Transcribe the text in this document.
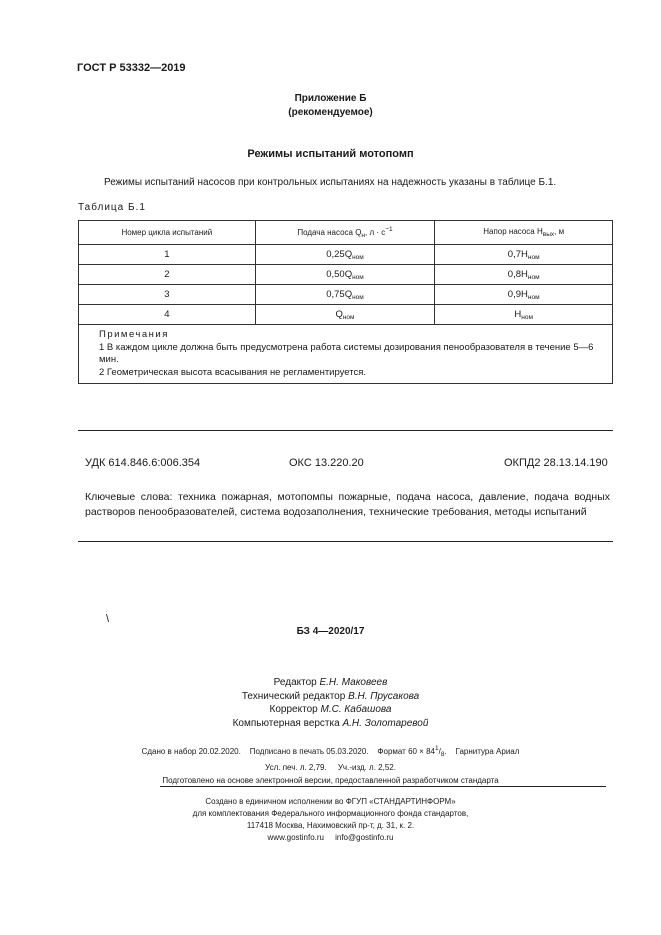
ГОСТ Р 53332—2019
Приложение Б
(рекомендуемое)
Режимы испытаний мотопомп
Режимы испытаний насосов при контрольных испытаниях на надежность указаны в таблице Б.1.
Таблица Б.1
Номер цикла испытаний	Подача насоса $Q_н$, $л \cdot с^{-1}$	Напор насоса $H_{вых}$, м
1	$0,25Q_{ном}$	$0,7H_{ном}$
2	$0,50Q_{ном}$	$0,8H_{ном}$
3	$0,75Q_{ном}$	$0,9H_{ном}$
4	$Q_{ном}$	$H_{ном}$

Примечания
1 В каждом цикле должна быть предусмотрена работа системы дозирования пенообразователя в течение 5—6 мин.
2 Геометрическая высота всасывания не регламентируется.		
УДК 614.846.6:006.354	ОКС 13.220.20	ОКПД2 28.13.14.190
Ключевые слова: техника пожарная, мотопомпы пожарные, подача насоса, давление, подача водных растворов пенообразователей, система водозаполнения, технические требования, методы испытаний
\
БЗ 4—2020/17
Редактор Е.Н. Маковеев
Технический редактор В.Н. Прусакова
Корректор М.С. Кабашова
Компьютерная верстка А.Н. Золотаревой
Сдано в набор 20.02.2020. Подписано в печать 05.03.2020. Формат $60 \times 84^1/_8$.    Гарнитура Ариал
Усл. печ. л. 2,79.     Уч.-изд. л. 2,52.
Подготовлено на основе электронной версии, предоставленной разработчиком стандарта
Создано в единичном исполнении во ФГУП «СТАНДАРТИНФОРМ»
для комплектования Федерального информационного фонда стандартов,
117418 Москва, Нахимовский пр-т, д. 31, к. 2.
www.gostinfo.ru     info@gostinfo.ru
